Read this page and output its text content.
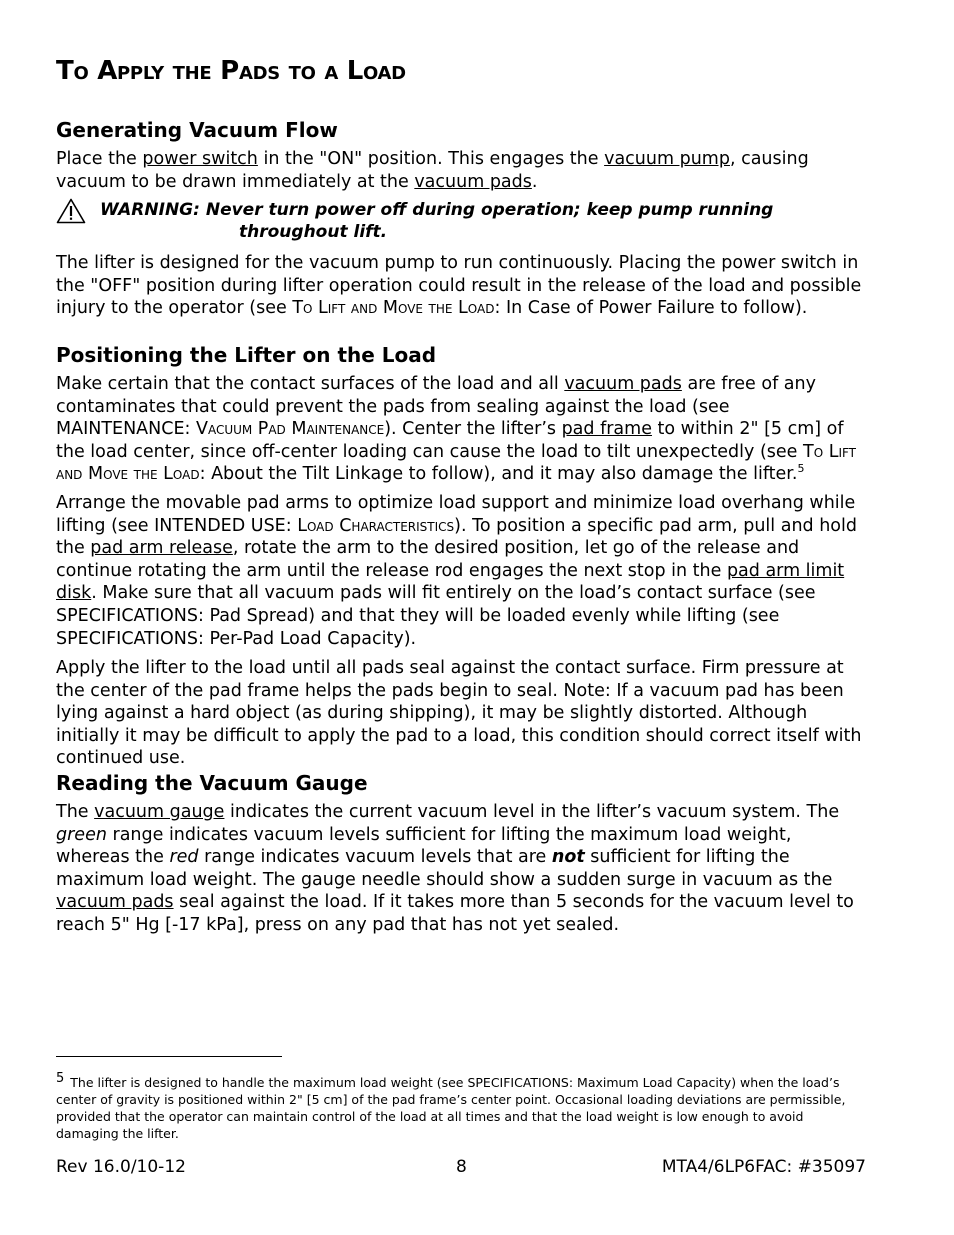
To Apply the Pads to a Load
Generating Vacuum Flow

Place the power switch in the "ON" position. This engages the vacuum pump, causing vacuum to be drawn immediately at the vacuum pads.

WARNING: Never turn power off during operation; keep pump running
throughout lift.

The lifter is designed for the vacuum pump to run continuously. Placing the power switch in the "OFF" position during lifter operation could result in the release of the load and possible injury to the operator (see To Lift and Move the Load: In Case of Power Failure to follow).

Positioning the Lifter on the Load

Make certain that the contact surfaces of the load and all vacuum pads are free of any contaminates that could prevent the pads from sealing against the load (see MAINTENANCE: Vacuum Pad Maintenance). Center the lifter’s pad frame to within 2" [5 cm] of the load center, since off-center loading can cause the load to tilt unexpectedly (see To Lift and Move the Load: About the Tilt Linkage to follow), and it may also damage the lifter.$^5$

Arrange the movable pad arms to optimize load support and minimize load overhang while lifting (see INTENDED USE: Load Characteristics). To position a specific pad arm, pull and hold the pad arm release, rotate the arm to the desired position, let go of the release and continue rotating the arm until the release rod engages the next stop in the pad arm limit disk. Make sure that all vacuum pads will fit entirely on the load’s contact surface (see SPECIFICATIONS: Pad Spread) and that they will be loaded evenly while lifting (see SPECIFICATIONS: Per-Pad Load Capacity).

Apply the lifter to the load until all pads seal against the contact surface. Firm pressure at the center of the pad frame helps the pads begin to seal. Note: If a vacuum pad has been lying against a hard object (as during shipping), it may be slightly distorted. Although initially it may be difficult to apply the pad to a load, this condition should correct itself with continued use.

Reading the Vacuum Gauge

The vacuum gauge indicates the current vacuum level in the lifter’s vacuum system. The green range indicates vacuum levels sufficient for lifting the maximum load weight, whereas the red range indicates vacuum levels that are not sufficient for lifting the maximum load weight. The gauge needle should show a sudden surge in vacuum as the vacuum pads seal against the load. If it takes more than 5 seconds for the vacuum level to reach 5" Hg [-17 kPa], press on any pad that has not yet sealed.

5 The lifter is designed to handle the maximum load weight (see SPECIFICATIONS: Maximum Load Capacity) when the load’s center of gravity is positioned within 2" [5 cm] of the pad frame’s center point. Occasional loading deviations are permissible, provided that the operator can maintain control of the load at all times and that the load weight is low enough to avoid damaging the lifter.
Rev 16.0/10-12	8	MTA4/6LP6FAC: #35097
